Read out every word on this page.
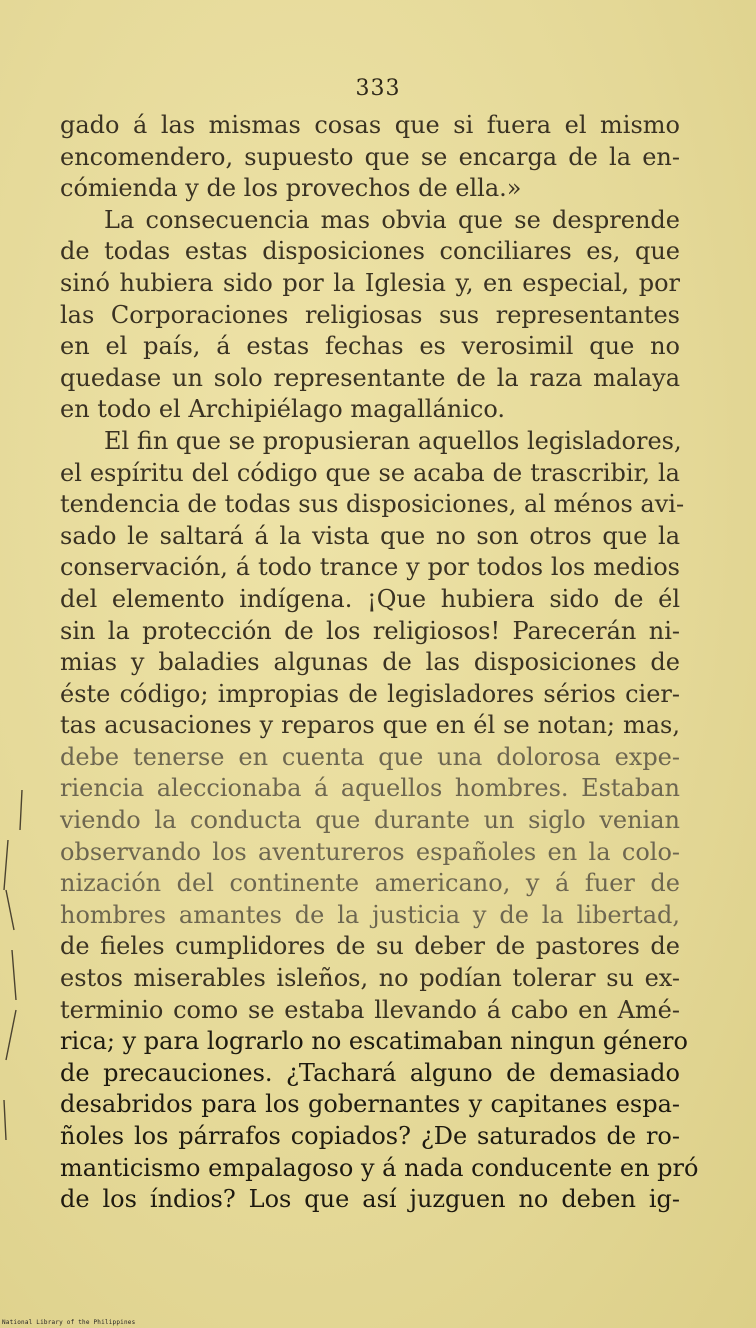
333
gado á las mismas cosas que si fuera el mismo
encomendero, supuesto que se encarga de la en-
cómienda y de los provechos de ella.»
La consecuencia mas obvia que se desprende
de todas estas disposiciones conciliares es, que
sinó hubiera sido por la Iglesia y, en especial, por
las Corporaciones religiosas sus representantes
en el país, á estas fechas es verosimil que no
quedase un solo representante de la raza malaya
en todo el Archipiélago magallánico.
El fin que se propusieran aquellos legisladores,
el espíritu del código que se acaba de trascribir, la
tendencia de todas sus disposiciones, al ménos avi-
sado le saltará á la vista que no son otros que la
conservación, á todo trance y por todos los medios
del elemento indígena. ¡Que hubiera sido de él
sin la protección de los religiosos! Parecerán ni-
mias y baladies algunas de las disposiciones de
éste código; impropias de legisladores sérios cier-
tas acusaciones y reparos que en él se notan; mas,
debe tenerse en cuenta que una dolorosa expe-
riencia aleccionaba á aquellos hombres. Estaban
viendo la conducta que durante un siglo venian
observando los aventureros españoles en la colo-
nización del continente americano, y á fuer de
hombres amantes de la justicia y de la libertad,
de fieles cumplidores de su deber de pastores de
estos miserables isleños, no podían tolerar su ex-
terminio como se estaba llevando á cabo en Amé-
rica; y para lograrlo no escatimaban ningun género
de precauciones. ¿Tachará alguno de demasiado
desabridos para los gobernantes y capitanes espa-
ñoles los párrafos copiados? ¿De saturados de ro-
manticismo empalagoso y á nada conducente en pró
de los índios? Los que así juzguen no deben ig-
National Library of the Philippines
